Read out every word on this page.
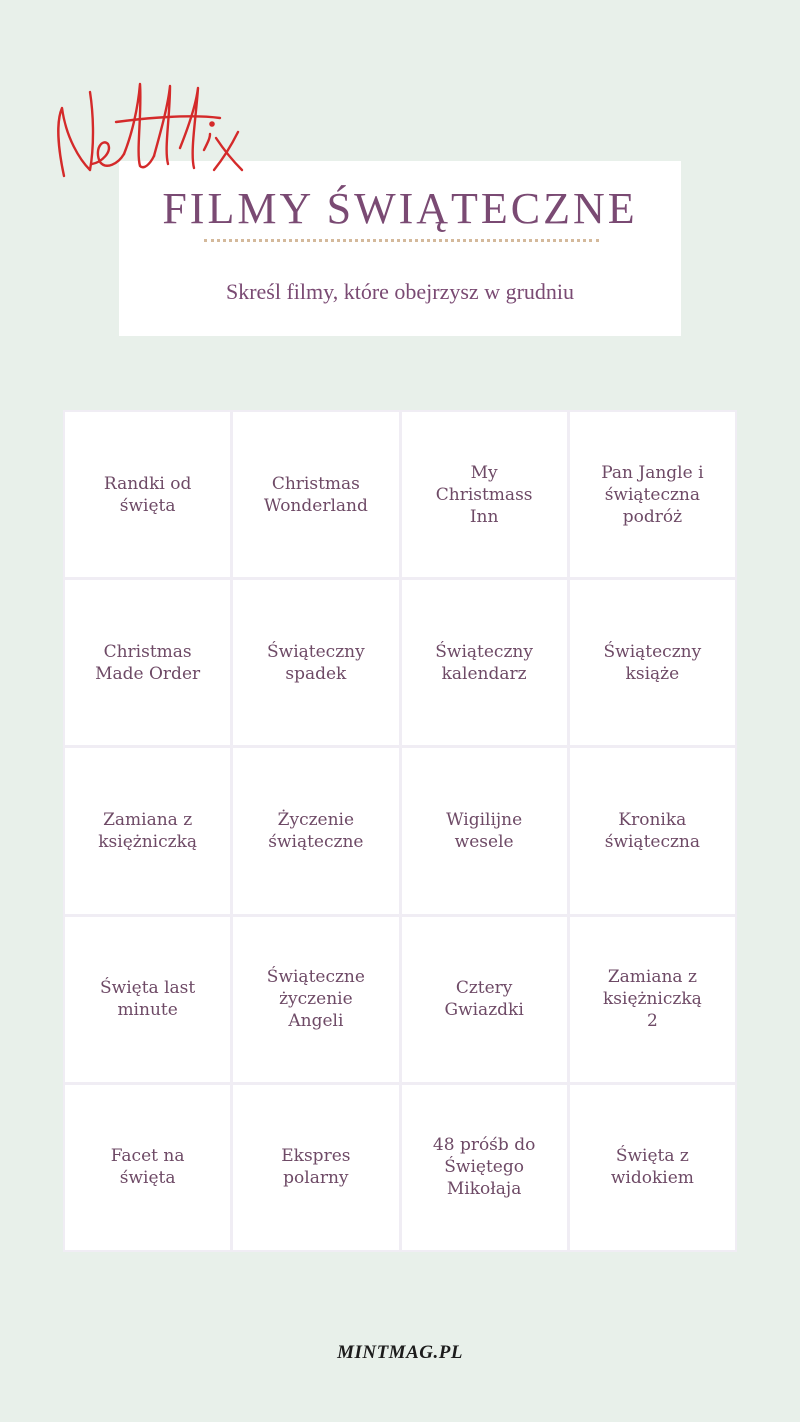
FILMY ŚWIĄTECZNE
Skreśl filmy, które obejrzysz w grudniu
Randki od
święta
Christmas
Wonderland
My
Christmass
Inn
Pan Jangle i
świąteczna
podróż
Christmas
Made Order
Świąteczny
spadek
Świąteczny
kalendarz
Świąteczny
książe
Zamiana z
księżniczką
Życzenie
świąteczne
Wigilijne
wesele
Kronika
świąteczna
Święta last
minute
Świąteczne
życzenie
Angeli
Cztery
Gwiazdki
Zamiana z
księżniczką
2
Facet na
święta
Ekspres
polarny
48 próśb do
Świętego
Mikołaja
Święta z
widokiem
MINTMAG.PL
